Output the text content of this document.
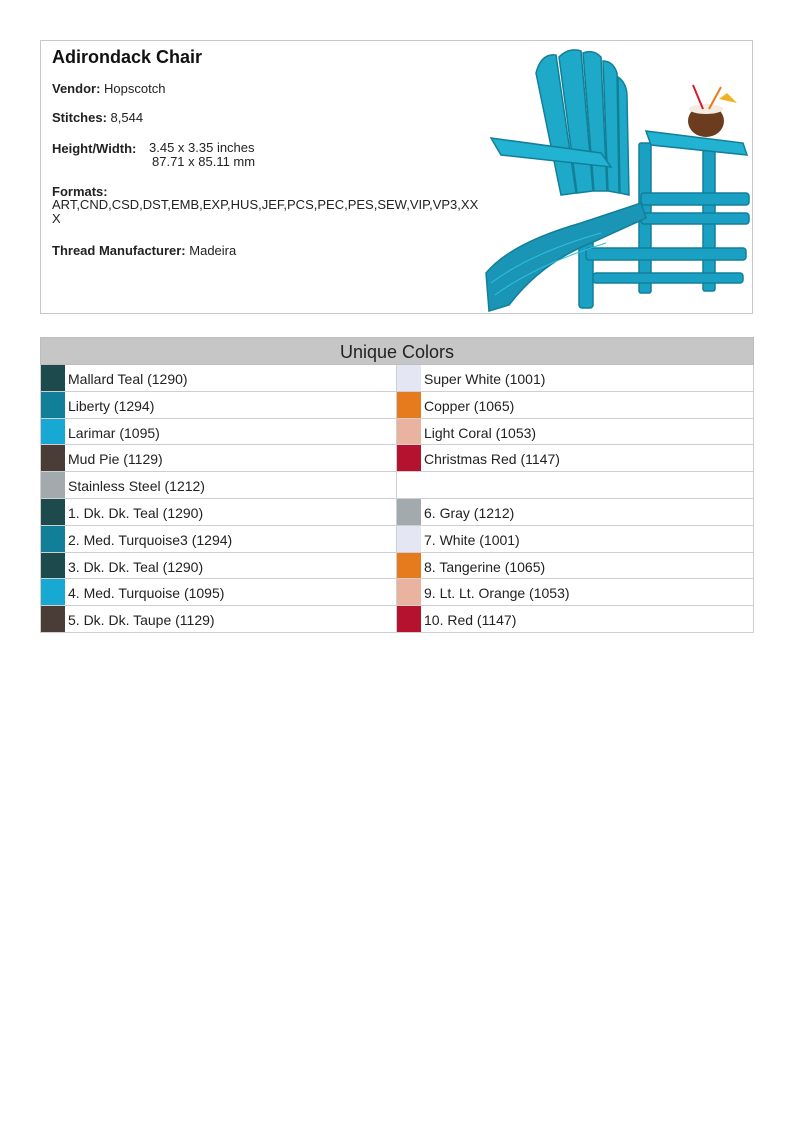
Adirondack Chair
Vendor: Hopscotch
Stitches: 8,544
Height/Width: 3.45 x 3.35 inches
87.71 x 85.11 mm
Formats:
ART,CND,CSD,DST,EMB,EXP,HUS,JEF,PCS,PEC,PES,SEW,VIP,VP3,XXX
Thread Manufacturer: Madeira
Unique Colors
Mallard Teal (1290)	Super White (1001)
Liberty (1294)	Copper (1065)
Larimar (1095)	Light Coral (1053)
Mud Pie (1129)	Christmas Red (1147)
Stainless Steel (1212)
1. Dk. Dk. Teal (1290)	6. Gray (1212)
2. Med. Turquoise3 (1294)	7. White (1001)
3. Dk. Dk. Teal (1290)	8. Tangerine (1065)
4. Med. Turquoise (1095)	9. Lt. Lt. Orange (1053)
5. Dk. Dk. Taupe (1129)	10. Red (1147)
